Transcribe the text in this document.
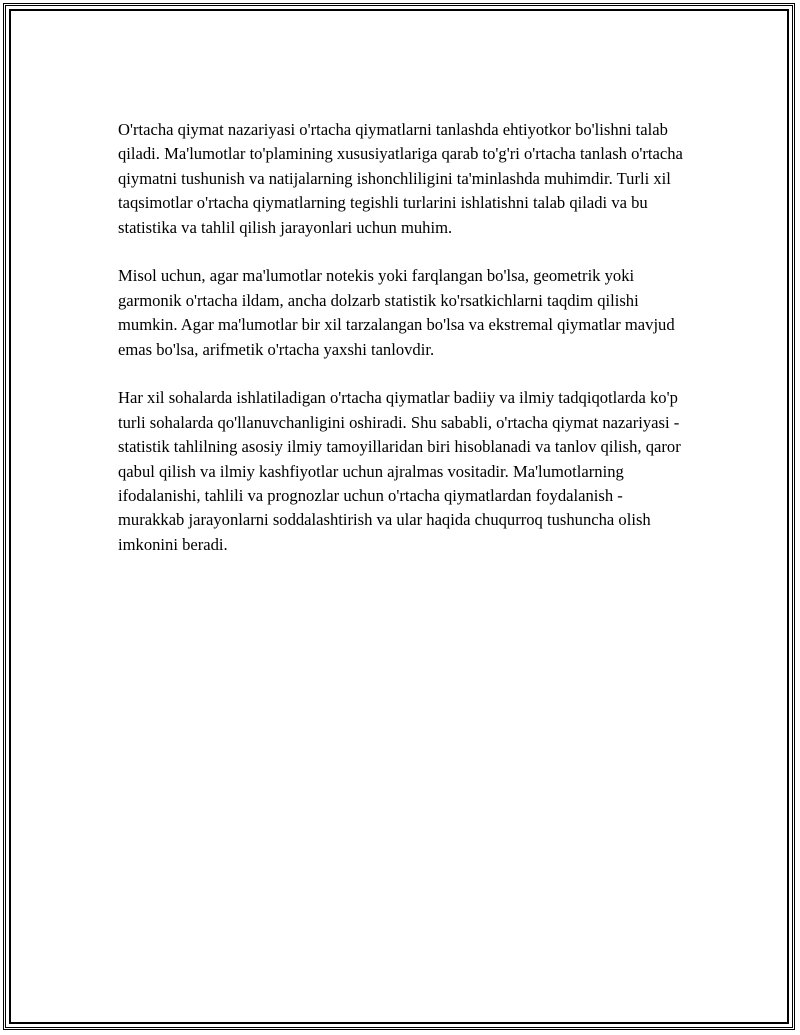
O'rtacha qiymat nazariyasi o'rtacha qiymatlarni tanlashda ehtiyotkor bo'lishni talab qiladi. Ma'lumotlar to'plamining xususiyatlariga qarab to'g'ri o'rtacha tanlash o'rtacha qiymatni tushunish va natijalarning ishonchliligini ta'minlashda muhimdir. Turli xil taqsimotlar o'rtacha qiymatlarning tegishli turlarini ishlatishni talab qiladi va bu statistika va tahlil qilish jarayonlari uchun muhim.

Misol uchun, agar ma'lumotlar notekis yoki farqlangan bo'lsa, geometrik yoki garmonik o'rtacha ildam, ancha dolzarb statistik ko'rsatkichlarni taqdim qilishi mumkin. Agar ma'lumotlar bir xil tarzalangan bo'lsa va ekstremal qiymatlar mavjud emas bo'lsa, arifmetik o'rtacha yaxshi tanlovdir.

Har xil sohalarda ishlatiladigan o'rtacha qiymatlar badiiy va ilmiy tadqiqotlarda ko'p turli sohalarda qo'llanuvchanligini oshiradi. Shu sababli, o'rtacha qiymat nazariyasi - statistik tahlilning asosiy ilmiy tamoyillaridan biri hisoblanadi va tanlov qilish, qaror qabul qilish va ilmiy kashfiyotlar uchun ajralmas vositadir. Ma'lumotlarning ifodalanishi, tahlili va prognozlar uchun o'rtacha qiymatlardan foydalanish - murakkab jarayonlarni soddalashtirish va ular haqida chuqurroq tushuncha olish imkonini beradi.
